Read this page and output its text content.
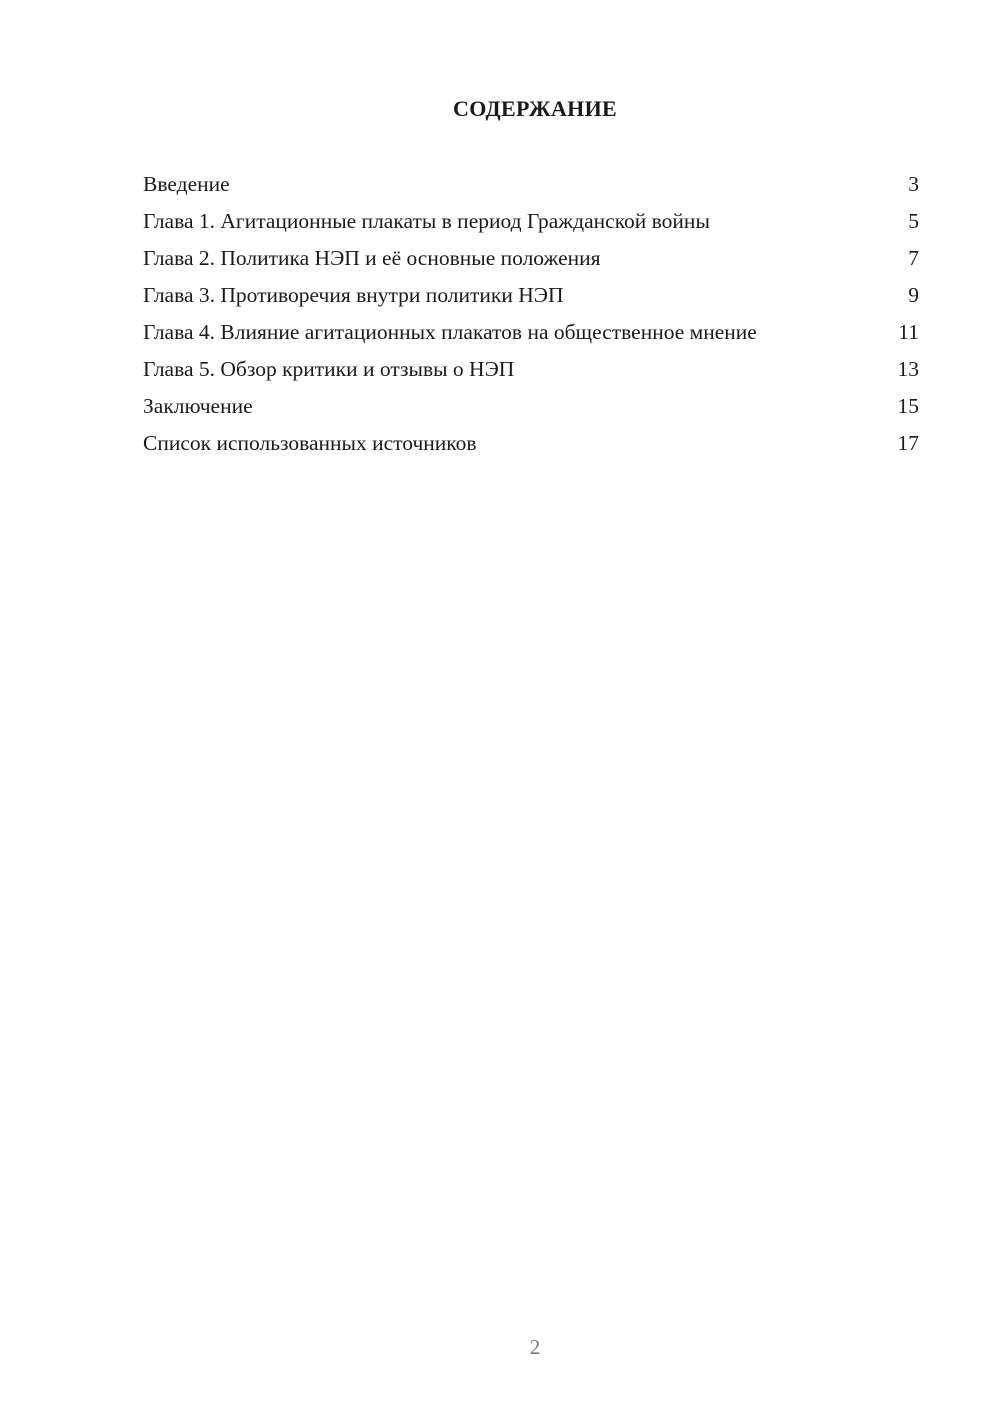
СОДЕРЖАНИЕ
Введение	3
Глава 1. Агитационные плакаты в период Гражданской войны	5
Глава 2. Политика НЭП и её основные положения	7
Глава 3. Противоречия внутри политики НЭП	9
Глава 4. Влияние агитационных плакатов на общественное мнение	11
Глава 5. Обзор критики и отзывы о НЭП	13
Заключение	15
Список использованных источников	17
2
